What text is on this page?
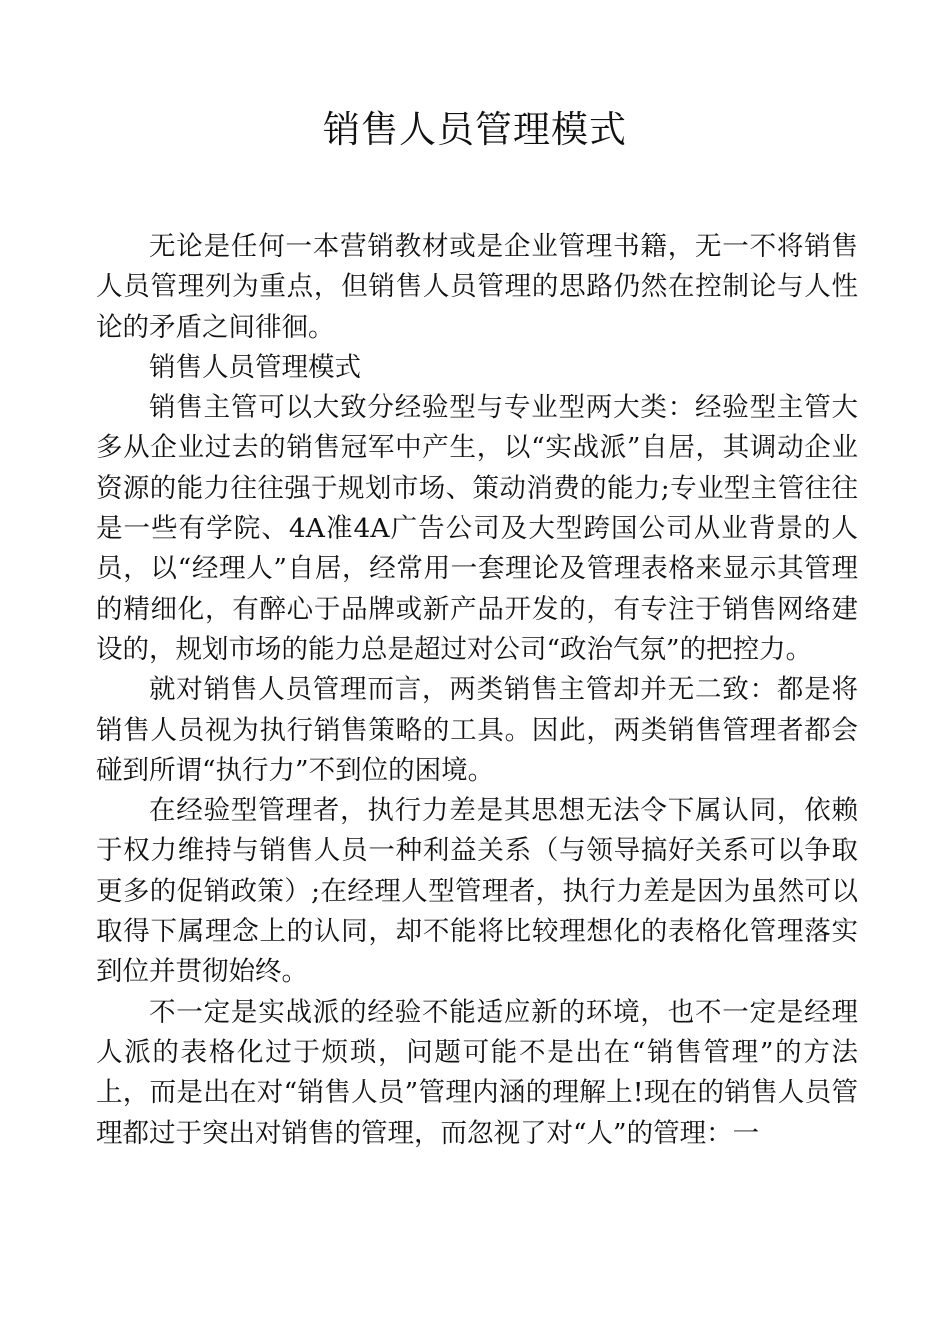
销售人员管理模式

无论是任何一本营销教材或是企业管理书籍，无一不将销售人员管理列为重点，但销售人员管理的思路仍然在控制论与人性论的矛盾之间徘徊。

销售人员管理模式

销售主管可以大致分经验型与专业型两大类：经验型主管大多从企业过去的销售冠军中产生，以“实战派”自居，其调动企业资源的能力往往强于规划市场、策动消费的能力;专业型主管往往是一些有学院、4A准4A广告公司及大型跨国公司从业背景的人员，以“经理人”自居，经常用一套理论及管理表格来显示其管理的精细化，有醉心于品牌或新产品开发的，有专注于销售网络建设的，规划市场的能力总是超过对公司“政治气氛”的把控力。

就对销售人员管理而言，两类销售主管却并无二致：都是将销售人员视为执行销售策略的工具。因此，两类销售管理者都会碰到所谓“执行力”不到位的困境。

在经验型管理者，执行力差是其思想无法令下属认同，依赖于权力维持与销售人员一种利益关系（与领导搞好关系可以争取更多的促销政策）;在经理人型管理者，执行力差是因为虽然可以取得下属理念上的认同，却不能将比较理想化的表格化管理落实到位并贯彻始终。

不一定是实战派的经验不能适应新的环境，也不一定是经理人派的表格化过于烦琐，问题可能不是出在“销售管理”的方法上，而是出在对“销售人员”管理内涵的理解上!现在的销售人员管理都过于突出对销售的管理，而忽视了对“人”的管理：一
